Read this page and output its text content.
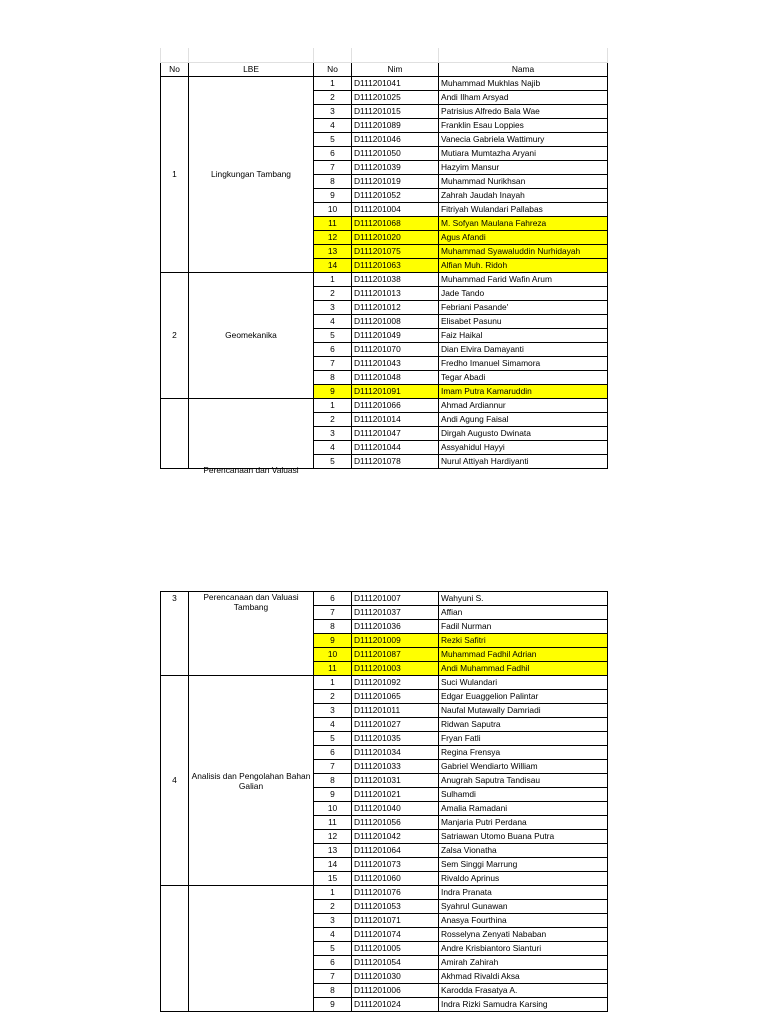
No	LBE	No	Nim	Nama
1	Lingkungan Tambang	1	D111201041	Muhammad Mukhlas Najib
		2	D111201025	Andi Ilham Arsyad
		3	D111201015	Patrisius Alfredo Bala Wae
		4	D111201089	Franklin Esau Loppies
		5	D111201046	Vanecia Gabriela Wattimury
		6	D111201050	Mutiara Mumtazha Aryani
		7	D111201039	Hazyim Mansur
		8	D111201019	Muhammad Nurikhsan
		9	D111201052	Zahrah Jaudah Inayah
		10	D111201004	Fitriyah Wulandari Pallabas
		11	D111201068	M. Sofyan Maulana Fahreza
		12	D111201020	Agus Afandi
		13	D111201075	Muhammad Syawaluddin Nurhidayah
		14	D111201063	Alfian Muh. Ridoh
2	Geomekanika	1	D111201038	Muhammad Farid Wafin Arum
		2	D111201013	Jade Tando
		3	D111201012	Febriani Pasande'
		4	D111201008	Elisabet Pasunu
		5	D111201049	Faiz Haikal
		6	D111201070	Dian Elvira Damayanti
		7	D111201043	Fredho Imanuel Simamora
		8	D111201048	Tegar Abadi
		9	D111201091	Imam Putra Kamaruddin

	Perencanaan dan Valuasi	1	D111201066	Ahmad Ardiannur
		2	D111201014	Andi Agung Faisal
		3	D111201047	Dirgah Augusto Dwinata
		4	D111201044	Assyahidul Hayyi
		5	D111201078	Nurul Attiyah Hardiyanti
3	Perencanaan dan Valuasi Tambang	6	D111201007	Wahyuni S.
		7	D111201037	Affian
		8	D111201036	Fadil Nurman
		9	D111201009	Rezki Safitri
		10	D111201087	Muhammad Fadhil Adrian
		11	D111201003	Andi Muhammad Fadhil
4	Analisis dan Pengolahan Bahan Galian	1	D111201092	Suci Wulandari
		2	D111201065	Edgar Euaggelion Palintar
		3	D111201011	Naufal Mutawally Damriadi
		4	D111201027	Ridwan Saputra
		5	D111201035	Fryan Fatli
		6	D111201034	Regina Frensya
		7	D111201033	Gabriel Wendiarto William
		8	D111201031	Anugrah Saputra Tandisau
		9	D111201021	Sulhamdi
		10	D111201040	Amalia Ramadani
		11	D111201056	Manjaria Putri Perdana
		12	D111201042	Satriawan Utomo Buana Putra
		13	D111201064	Zalsa Vionatha
		14	D111201073	Sem Singgi Marrung
		15	D111201060	Rivaldo Aprinus
		1	D111201076	Indra Pranata
		2	D111201053	Syahrul Gunawan
		3	D111201071	Anasya Fourthina
		4	D111201074	Rosselyna Zenyati Nababan
		5	D111201005	Andre Krisbiantoro Sianturi
		6	D111201054	Amirah Zahirah
		7	D111201030	Akhmad Rivaldi Aksa
		8	D111201006	Karodda Frasatya A.
		9	D111201024	Indra Rizki Samudra Karsing
